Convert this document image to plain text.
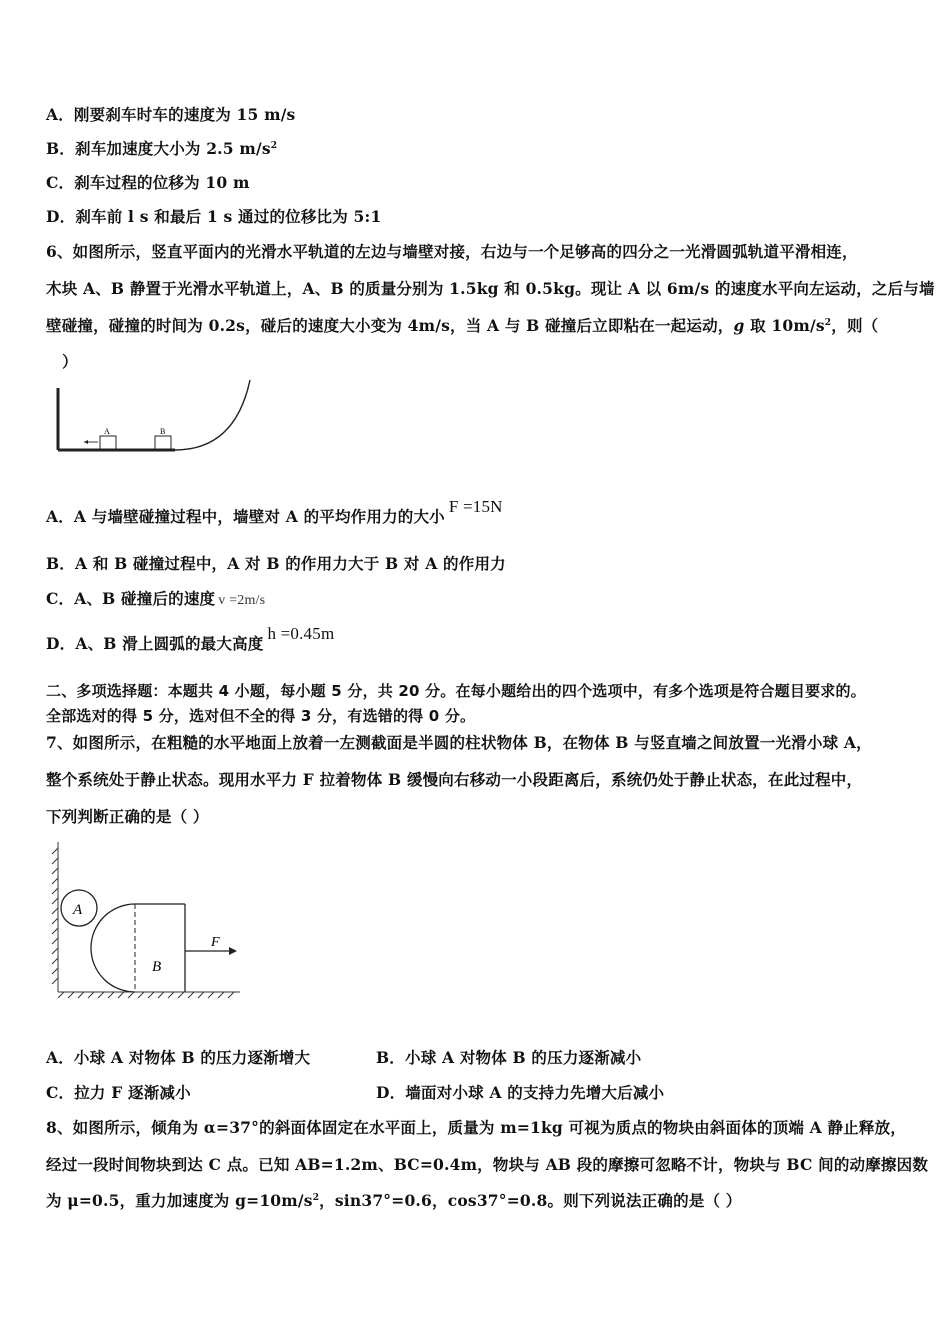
A．刚要刹车时车的速度为 15 m/s
B．刹车加速度大小为 2.5 $m/s^2$
C．刹车过程的位移为 10 m
D．刹车前 l s 和最后 1 s 通过的位移比为 5:1
6、如图所示，竖直平面内的光滑水平轨道的左边与墙壁对接，右边与一个足够高的四分之一光滑圆弧轨道平滑相连，
木块 A、B 静置于光滑水平轨道上，A、B 的质量分别为 1.5kg 和 0.5kg。现让 A 以 6m/s 的速度水平向左运动，之后与墙
壁碰撞，碰撞的时间为 0.2s，碰后的速度大小变为 4m/s，当 A 与 B 碰撞后立即粘在一起运动，g 取 $10m/s^2$，则（
）
A	B
A．A 与墙壁碰撞过程中，墙壁对 A 的平均作用力的大小F =15N
B．A 和 B 碰撞过程中，A 对 B 的作用力大于 B 对 A 的作用力
C．A、B 碰撞后的速度 v =2m/s
D．A、B 滑上圆弧的最大高度h =0.45m
二、多项选择题：本题共 4 小题，每小题 5 分，共 20 分。在每小题给出的四个选项中，有多个选项是符合题目要求的。
全部选对的得 5 分，选对但不全的得 3 分，有选错的得 0 分。
7、如图所示，在粗糙的水平地面上放着一左测截面是半圆的柱状物体 B，在物体 B 与竖直墙之间放置一光滑小球 A，
整个系统处于静止状态。现用水平力 F 拉着物体 B 缓慢向右移动一小段距离后，系统仍处于静止状态，在此过程中，
下列判断正确的是（ ）
A
B
F
A．小球 A 对物体 B 的压力逐渐增大	B．小球 A 对物体 B 的压力逐渐减小
C．拉力 F 逐渐减小	D．墙面对小球 A 的支持力先增大后减小
8、如图所示，倾角为 α=37°的斜面体固定在水平面上，质量为 m=1kg 可视为质点的物块由斜面体的顶端 A 静止释放，
经过一段时间物块到达 C 点。已知 AB=1.2m、BC=0.4m，物块与 AB 段的摩擦可忽略不计，物块与 BC 间的动摩擦因数
为 μ=0.5，重力加速度为 $g=10m/s^2$，sin37°=0.6，cos37°=0.8。则下列说法正确的是（ ）
